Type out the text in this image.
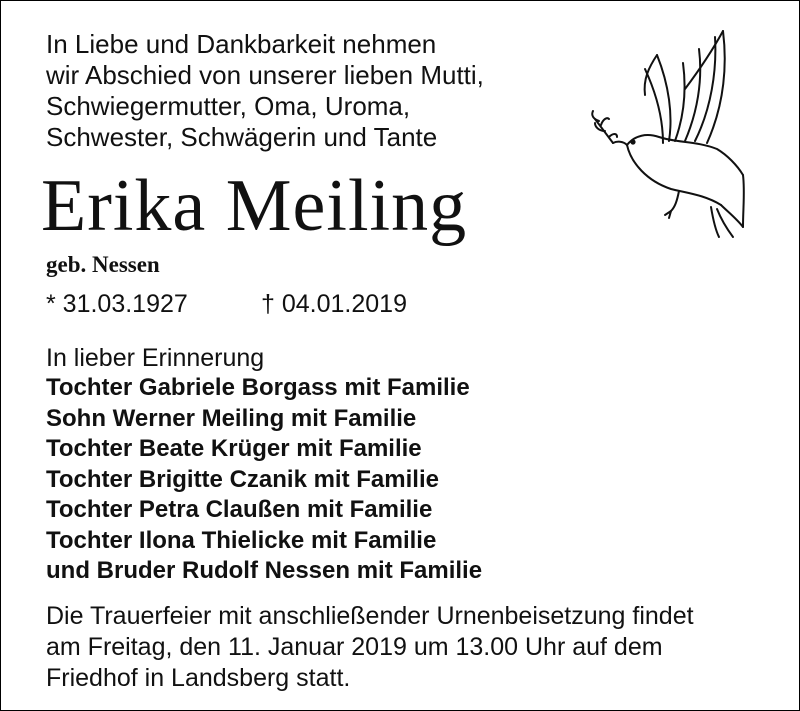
In Liebe und Dankbarkeit nehmen
wir Abschied von unserer lieben Mutti,
Schwiegermutter, Oma, Uroma,
Schwester, Schwägerin und Tante
Erika Meiling
geb. Nessen
* 31.03.1927	† 04.01.2019
In lieber Erinnerung
Tochter Gabriele Borgass mit Familie
Sohn Werner Meiling mit Familie
Tochter Beate Krüger mit Familie
Tochter Brigitte Czanik mit Familie
Tochter Petra Claußen mit Familie
Tochter Ilona Thielicke mit Familie
und Bruder Rudolf Nessen mit Familie
Die Trauerfeier mit anschließender Urnenbeisetzung findet
am Freitag, den 11. Januar 2019 um 13.00 Uhr auf dem
Friedhof in Landsberg statt.
